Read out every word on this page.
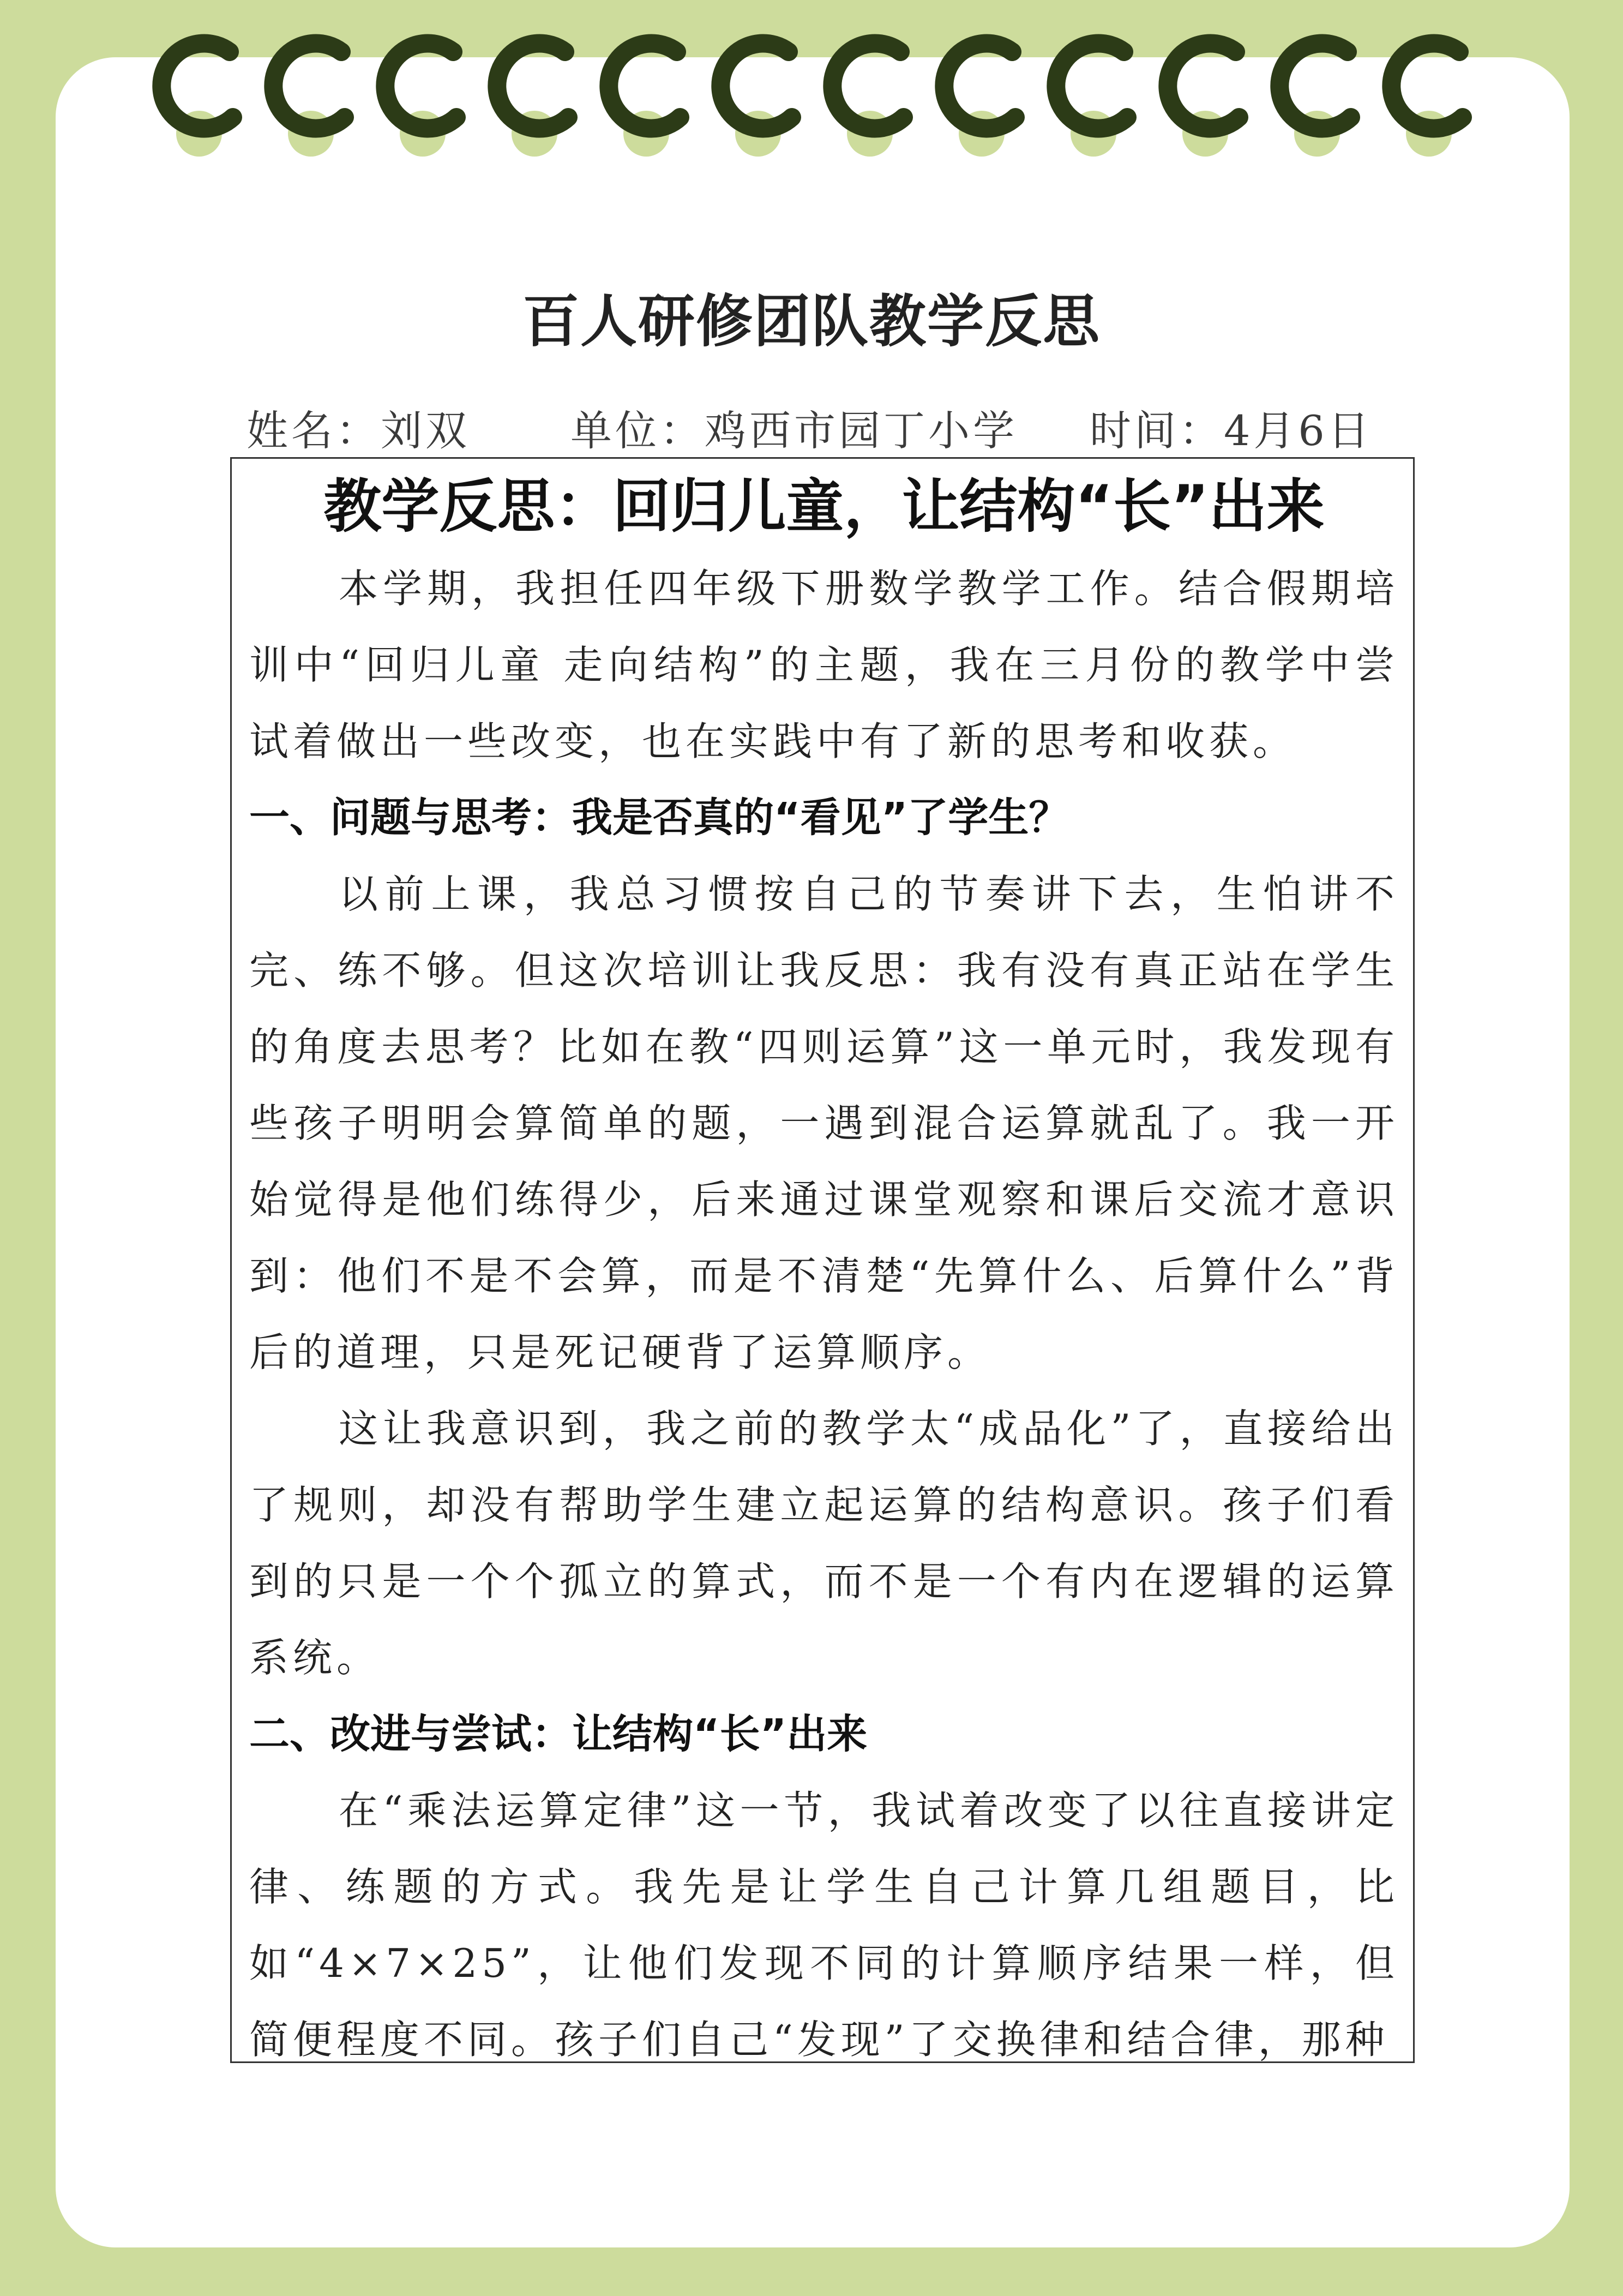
百人研修团队教学反思
姓名：刘双 单位：鸡西市园丁小学 时间：4月6日
教学反思：回归儿童，让结构“长”出来

本学期，我担任四年级下册数学教学工作。结合假期培训中“回归儿童 走向结构”的主题，我在三月份的教学中尝试着做出一些改变，也在实践中有了新的思考和收获。

一、问题与思考：我是否真的“看见”了学生？

以前上课，我总习惯按自己的节奏讲下去，生怕讲不完、练不够。但这次培训让我反思：我有没有真正站在学生的角度去思考？比如在教“四则运算”这一单元时，我发现有些孩子明明会算简单的题，一遇到混合运算就乱了。我一开始觉得是他们练得少，后来通过课堂观察和课后交流才意识到：他们不是不会算，而是不清楚“先算什么、后算什么”背后的道理，只是死记硬背了运算顺序。

这让我意识到，我之前的教学太“成品化”了，直接给出了规则，却没有帮助学生建立起运算的结构意识。孩子们看到的只是一个个孤立的算式，而不是一个有内在逻辑的运算系统。

二、改进与尝试：让结构“长”出来

在“乘法运算定律”这一节，我试着改变了以往直接讲定律、练题的方式。我先是让学生自己计算几组题目，比如“4×7×25”，让他们发现不同的计算顺序结果一样，但简便程度不同。孩子们自己“发现”了交换律和结合律，那种
